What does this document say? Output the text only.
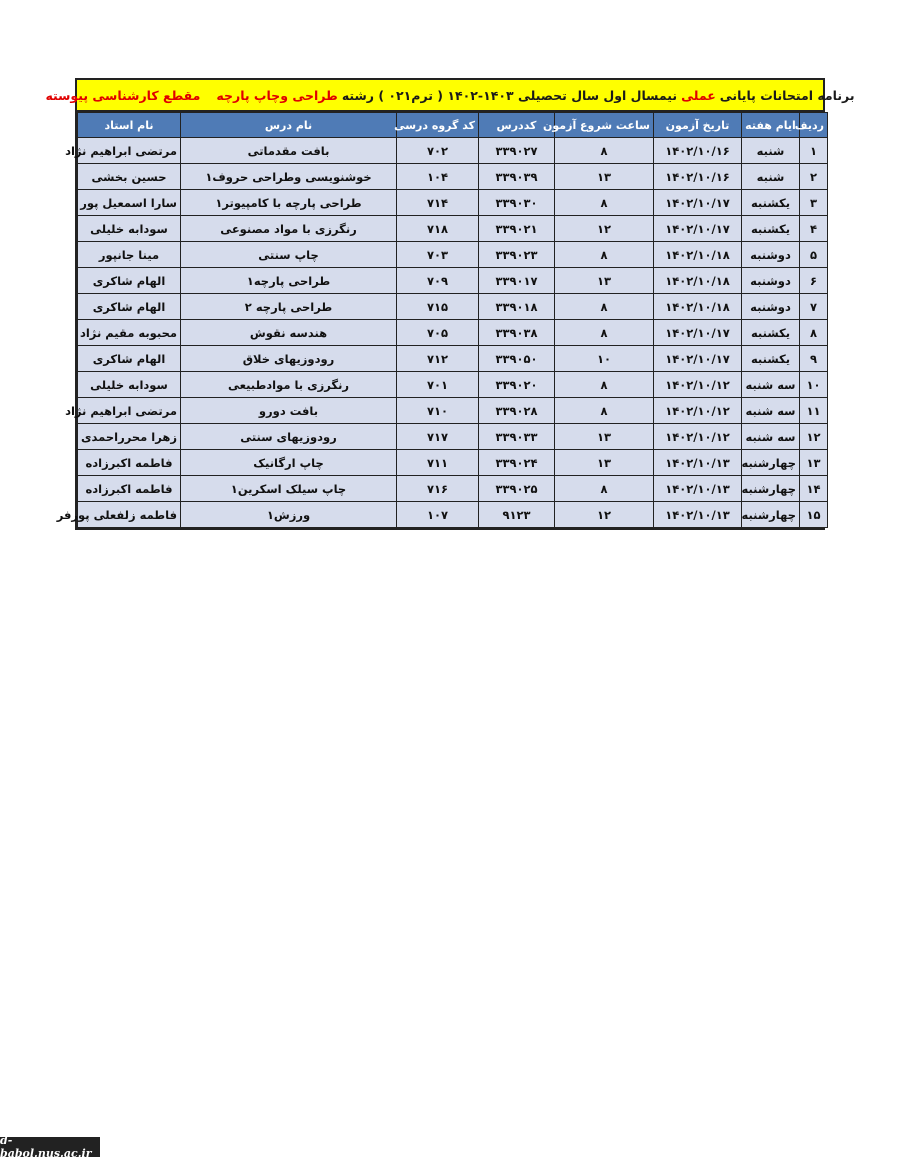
برنامه امتحانات پایانی
عملی
نیمسال اول سال تحصیلی ۱۴۰۳-۱۴۰۲ ( ترم۰۲۱ ) رشته
طراحی وچاپ پارچه
مقطع کارشناسی پیوسته
ردیف	ایام هفته	تاریخ آزمون	ساعت شروع آزمون	کددرس	کد گروه درسی	نام درس	نام استاد
۱	شنبه	۱۴۰۲/۱۰/۱۶	۸	۳۳۹۰۲۷	۷۰۲	بافت مقدماتی	مرتضی ابراهیم نژاد
۲	شنبه	۱۴۰۲/۱۰/۱۶	۱۳	۳۳۹۰۳۹	۱۰۴	خوشنویسی وطراحی حروف۱	حسین بخشی
۳	یکشنبه	۱۴۰۲/۱۰/۱۷	۸	۳۳۹۰۳۰	۷۱۴	طراحی پارچه با کامپیوتر۱	سارا اسمعیل پور
۴	یکشنبه	۱۴۰۲/۱۰/۱۷	۱۲	۳۳۹۰۲۱	۷۱۸	رنگرزی با مواد مصنوعی	سودابه خلیلی
۵	دوشنبه	۱۴۰۲/۱۰/۱۸	۸	۳۳۹۰۲۳	۷۰۳	چاپ سنتی	مینا جانپور
۶	دوشنبه	۱۴۰۲/۱۰/۱۸	۱۳	۳۳۹۰۱۷	۷۰۹	طراحی پارچه۱	الهام شاکری
۷	دوشنبه	۱۴۰۲/۱۰/۱۸	۸	۳۳۹۰۱۸	۷۱۵	طراحی پارچه ۲	الهام شاکری
۸	یکشنبه	۱۴۰۲/۱۰/۱۷	۸	۳۳۹۰۳۸	۷۰۵	هندسه نقوش	محبوبه مقیم نژاد
۹	یکشنبه	۱۴۰۲/۱۰/۱۷	۱۰	۳۳۹۰۵۰	۷۱۲	رودوزیهای خلاق	الهام شاکری
۱۰	سه شنبه	۱۴۰۲/۱۰/۱۲	۸	۳۳۹۰۲۰	۷۰۱	رنگرزی با موادطبیعی	سودابه خلیلی
۱۱	سه شنبه	۱۴۰۲/۱۰/۱۲	۸	۳۳۹۰۲۸	۷۱۰	بافت دورو	مرتضی ابراهیم نژاد
۱۲	سه شنبه	۱۴۰۲/۱۰/۱۲	۱۳	۳۳۹۰۳۳	۷۱۷	رودوزیهای سنتی	زهرا محرراحمدی
۱۳	چهارشنبه	۱۴۰۲/۱۰/۱۳	۱۳	۳۳۹۰۲۴	۷۱۱	چاپ ارگانیک	فاطمه اکبرزاده
۱۴	چهارشنبه	۱۴۰۲/۱۰/۱۳	۸	۳۳۹۰۲۵	۷۱۶	چاپ سیلک اسکرین۱	فاطمه اکبرزاده
۱۵	چهارشنبه	۱۴۰۲/۱۰/۱۳	۱۲	۹۱۲۳	۱۰۷	ورزش۱	فاطمه زلفعلی پورفر
d-babol.nus.ac.ir
